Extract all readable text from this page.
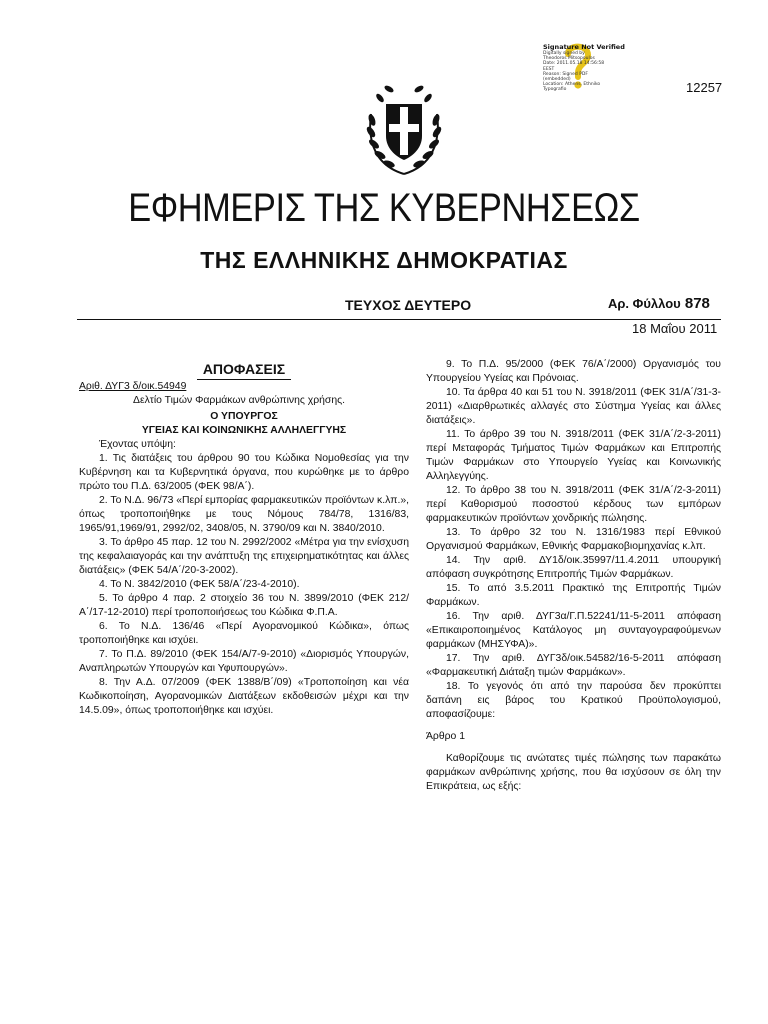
Signature Not Verified
Digitally signed by
Theodoros Mitsopoulos
Date: 2011.05.18 14:56:58
EEST
Reason: Signed PDF
(embedded)
Location: Athens, Ethniko
Typografio	12257
ΕΦΗΜΕΡΙΣ ΤΗΣ ΚΥΒΕΡΝΗΣΕΩΣ
ΤΗΣ ΕΛΛΗΝΙΚΗΣ ΔΗΜΟΚΡΑΤΙΑΣ
ΤΕΥΧΟΣ ΔΕΥΤΕΡΟ	Αρ. Φύλλου 878
18 Μαΐου 2011
ΑΠΟΦΑΣΕΙΣ

Αριθ. ΔΥΓ3 δ/οικ.54949

Δελτίο Τιμών Φαρμάκων ανθρώπινης χρήσης.

Ο ΥΠΟΥΡΓΟΣ
ΥΓΕΙΑΣ ΚΑΙ ΚΟΙΝΩΝΙΚΗΣ ΑΛΛΗΛΕΓΓΥΗΣ

Έχοντας υπόψη:

1. Τις διατάξεις του άρθρου 90 του Κώδικα Νομοθεσίας για την Κυβέρνηση και τα Κυβερνητικά όργανα, που κυρώθηκε με το άρθρο πρώτο του Π.Δ. 63/2005 (ΦΕΚ 98/Α΄).

2. Το Ν.Δ. 96/73 «Περί εμπορίας φαρμακευτικών προϊόντων κ.λπ.», όπως τροποποιήθηκε με τους Νόμους 784/78, 1316/83, 1965/91,1969/91, 2992/02, 3408/05, Ν. 3790/09 και Ν. 3840/2010.

3. Το άρθρο 45 παρ. 12 του Ν. 2992/2002 «Μέτρα για την ενίσχυση της κεφαλαιαγοράς και την ανάπτυξη της επιχειρηματικότητας και άλλες διατάξεις» (ΦΕΚ 54/Α΄/20-3-2002).

4. Το Ν. 3842/2010 (ΦΕΚ 58/Α΄/23-4-2010).

5. Το άρθρο 4 παρ. 2 στοιχείο 36 του Ν. 3899/2010 (ΦΕΚ 212/Α΄/17-12-2010) περί τροποποιήσεως του Κώδικα Φ.Π.Α.

6. Το Ν.Δ. 136/46 «Περί Αγορανομικού Κώδικα», όπως τροποποιήθηκε και ισχύει.

7. Το Π.Δ. 89/2010 (ΦΕΚ 154/Α/7-9-2010) «Διορισμός Υπουργών, Αναπληρωτών Υπουργών και Υφυπουργών».

8. Την Α.Δ. 07/2009 (ΦΕΚ 1388/Β΄/09) «Τροποποίηση και νέα Κωδικοποίηση, Αγορανομικών Διατάξεων εκδοθεισών μέχρι και την 14.5.09», όπως τροποποιήθηκε και ισχύει.

9. Το Π.Δ. 95/2000 (ΦΕΚ 76/Α΄/2000) Οργανισμός του Υπουργείου Υγείας και Πρόνοιας.

10. Τα άρθρα 40 και 51 του Ν. 3918/2011 (ΦΕΚ 31/Α΄/31-3-2011) «Διαρθρωτικές αλλαγές στο Σύστημα Υγείας και άλλες διατάξεις».

11. Το άρθρο 39 του Ν. 3918/2011 (ΦΕΚ 31/Α΄/2-3-2011) περί Μεταφοράς Τμήματος Τιμών Φαρμάκων και Επιτροπής Τιμών Φαρμάκων στο Υπουργείο Υγείας και Κοινωνικής Αλληλεγγύης.

12. Το άρθρο 38 του Ν. 3918/2011 (ΦΕΚ 31/Α΄/2-3-2011) περί Καθορισμού ποσοστού κέρδους των εμπόρων φαρμακευτικών προϊόντων χονδρικής πώλησης.

13. Το άρθρο 32 του Ν. 1316/1983 περί Εθνικού Οργανισμού Φαρμάκων, Εθνικής Φαρμακοβιομηχανίας κ.λπ.

14. Την αριθ. ΔΥ1δ/οικ.35997/11.4.2011 υπουργική απόφαση συγκρότησης Επιτροπής Τιμών Φαρμάκων.

15. Το από 3.5.2011 Πρακτικό της Επιτροπής Τιμών Φαρμάκων.

16. Την αριθ. ΔΥΓ3α/Γ.Π.52241/11-5-2011 απόφαση «Επικαιροποιημένος Κατάλογος μη συνταγογραφούμενων φαρμάκων (ΜΗΣΥΦΑ)».

17. Την αριθ. ΔΥΓ3δ/οικ.54582/16-5-2011 απόφαση «Φαρμακευτική Διάταξη τιμών Φαρμάκων».

18. Το γεγονός ότι από την παρούσα δεν προκύπτει δαπάνη εις βάρος του Κρατικού Προϋπολογισμού, αποφασίζουμε:

Άρθρο 1

Καθορίζουμε τις ανώτατες τιμές πώλησης των παρακάτω φαρμάκων ανθρώπινης χρήσης, που θα ισχύσουν σε όλη την Επικράτεια, ως εξής:
